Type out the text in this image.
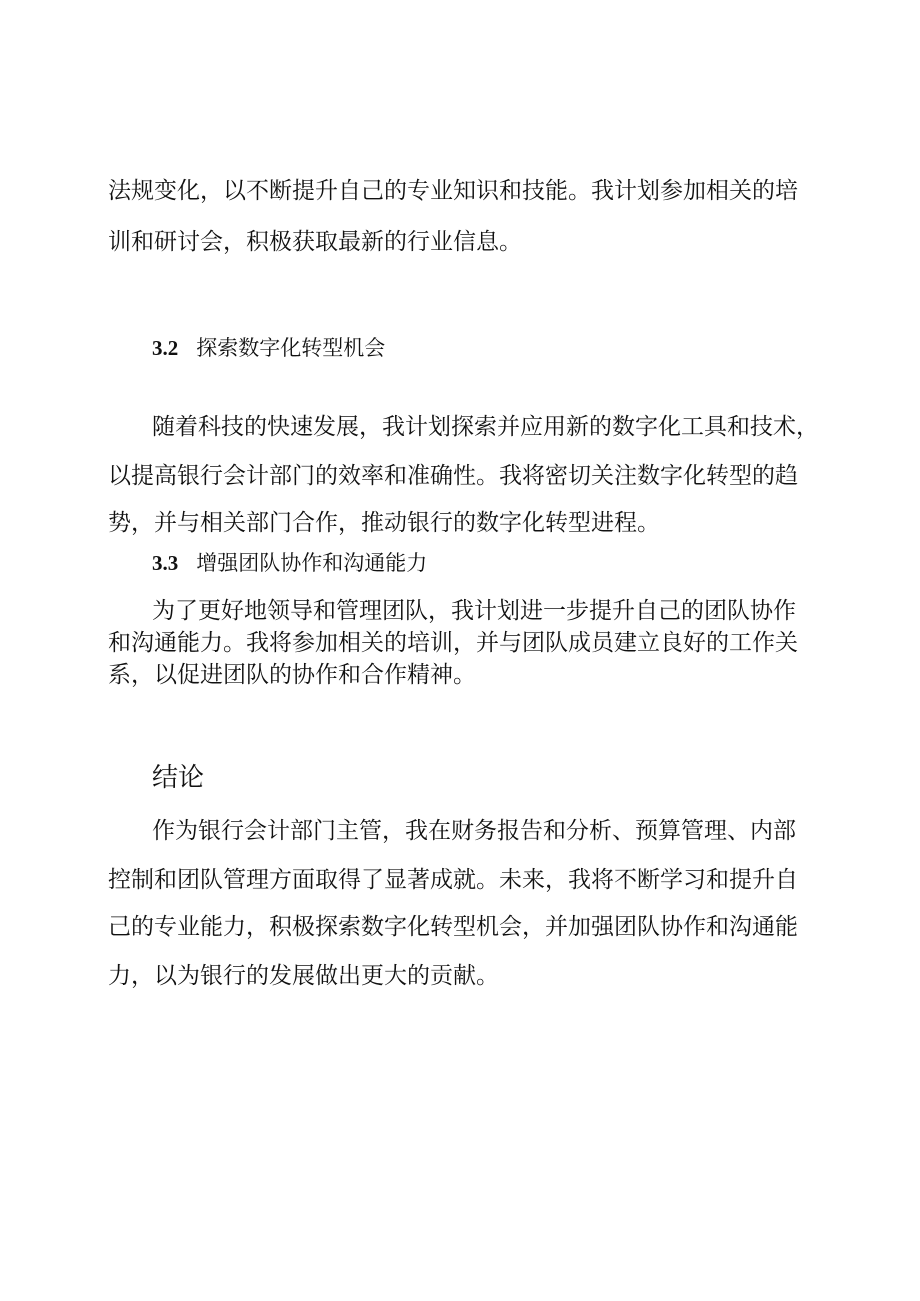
法规变化，以不断提升自己的专业知识和技能。我计划参加相关的培
训和研讨会，积极获取最新的行业信息。
3.2 探索数字化转型机会
随着科技的快速发展，我计划探索并应用新的数字化工具和技术，
以提高银行会计部门的效率和准确性。我将密切关注数字化转型的趋
势，并与相关部门合作，推动银行的数字化转型进程。
3.3 增强团队协作和沟通能力
为了更好地领导和管理团队，我计划进一步提升自己的团队协作
和沟通能力。我将参加相关的培训，并与团队成员建立良好的工作关
系，以促进团队的协作和合作精神。
结论
作为银行会计部门主管，我在财务报告和分析、预算管理、内部
控制和团队管理方面取得了显著成就。未来，我将不断学习和提升自
己的专业能力，积极探索数字化转型机会，并加强团队协作和沟通能
力，以为银行的发展做出更大的贡献。
